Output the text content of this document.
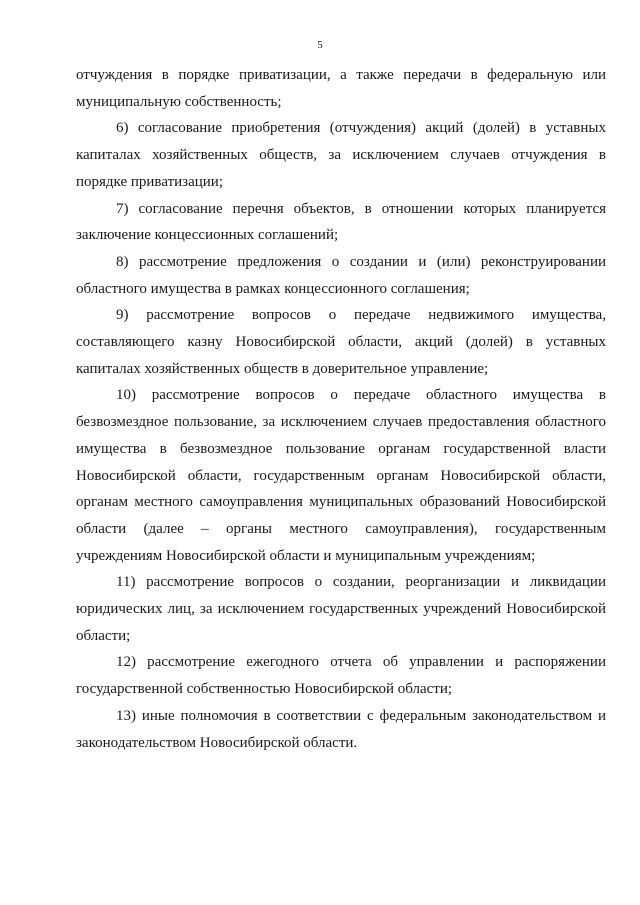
5

отчуждения в порядке приватизации, а также передачи в федеральную или муниципальную собственность;

6) согласование приобретения (отчуждения) акций (долей) в уставных капиталах хозяйственных обществ, за исключением случаев отчуждения в порядке приватизации;

7) согласование перечня объектов, в отношении которых планируется заключение концессионных соглашений;

8) рассмотрение предложения о создании и (или) реконструировании областного имущества в рамках концессионного соглашения;

9) рассмотрение вопросов о передаче недвижимого имущества, составляющего казну Новосибирской области, акций (долей) в уставных капиталах хозяйственных обществ в доверительное управление;

10) рассмотрение вопросов о передаче областного имущества в безвозмездное пользование, за исключением случаев предоставления областного имущества в безвозмездное пользование органам государственной власти Новосибирской области, государственным органам Новосибирской области, органам местного самоуправления муниципальных образований Новосибирской области (далее – органы местного самоуправления), государственным учреждениям Новосибирской области и муниципальным учреждениям;

11) рассмотрение вопросов о создании, реорганизации и ликвидации юридических лиц, за исключением государственных учреждений Новосибирской области;

12) рассмотрение ежегодного отчета об управлении и распоряжении государственной собственностью Новосибирской области;

13) иные полномочия в соответствии с федеральным законодательством и законодательством Новосибирской области.
